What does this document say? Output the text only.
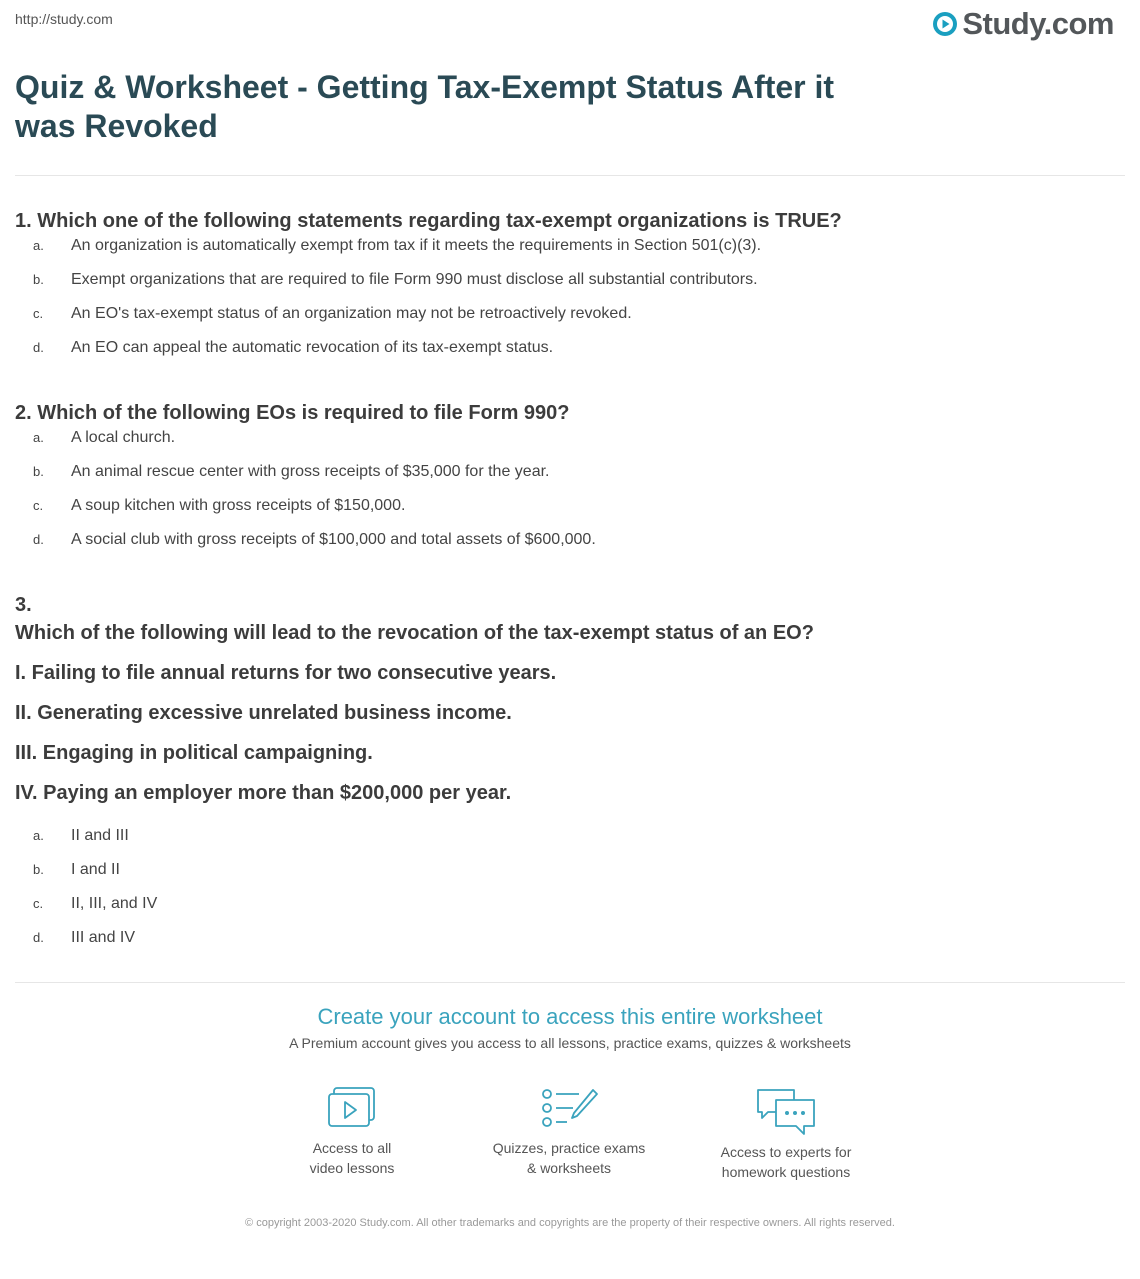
http://study.com	Study.com
Quiz & Worksheet - Getting Tax-Exempt Status After it was Revoked

1. Which one of the following statements regarding tax-exempt organizations is TRUE?

a.	An organization is automatically exempt from tax if it meets the requirements in Section 501(c)(3).
b.	Exempt organizations that are required to file Form 990 must disclose all substantial contributors.
c.	An EO's tax-exempt status of an organization may not be retroactively revoked.
d.	An EO can appeal the automatic revocation of its tax-exempt status.

2. Which of the following EOs is required to file Form 990?

a.	A local church.
b.	An animal rescue center with gross receipts of $35,000 for the year.
c.	A soup kitchen with gross receipts of $150,000.
d.	A social club with gross receipts of $100,000 and total assets of $600,000.
3.
Which of the following will lead to the revocation of the tax-exempt status of an EO?
I. Failing to file annual returns for two consecutive years.
II. Generating excessive unrelated business income.
III. Engaging in political campaigning.
IV. Paying an employer more than $200,000 per year.
a.	II and III
b.	I and II
c.	II, III, and IV
d.	III and IV
Create your account to access this entire worksheet
A Premium account gives you access to all lessons, practice exams, quizzes & worksheets
Access to all
video lessons
Quizzes, practice exams
& worksheets
Access to experts for
homework questions
© copyright 2003-2020 Study.com. All other trademarks and copyrights are the property of their respective owners. All rights reserved.
